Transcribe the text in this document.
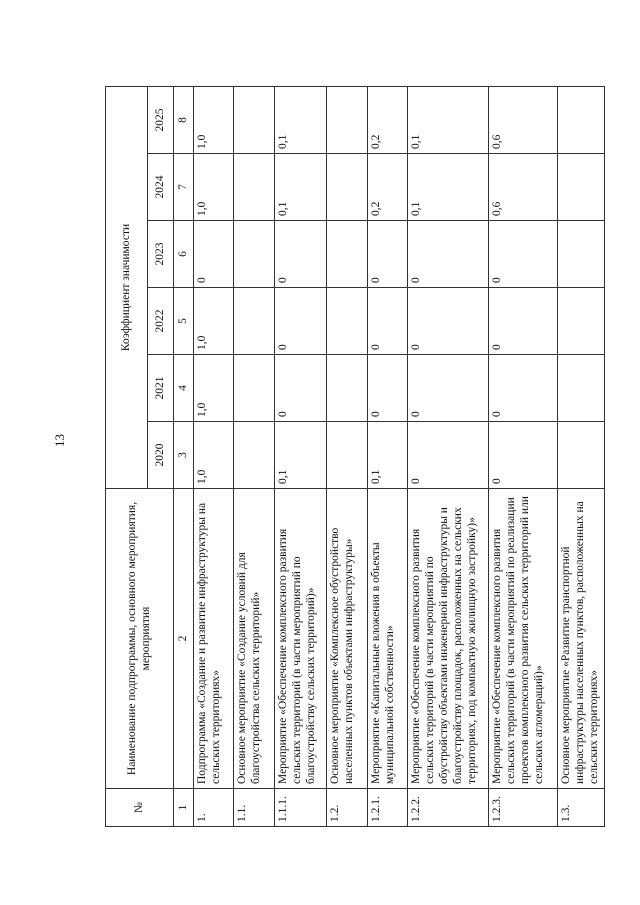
13
№	Наименование подпрограммы, основного мероприятия, мероприятия	Коэффициент значимости					
		2020	2021	2022	2023	2024	2025
1	2	3	4	5	6	7	8
1.	Подпрограмма «Создание и развитие инфраструктуры на сельских территориях»	1,0	1,0	1,0	0	1,0	1,0
1.1.	Основное мероприятие «Создание условий для благоустройства сельских территорий»						
1.1.1.	Мероприятие «Обеспечение комплексного развития сельских территорий (в части мероприятий по благоустройству сельских территорий)»	0,1	0	0	0	0,1	0,1
1.2.	Основное мероприятие «Комплексное обустройство населенных пунктов объектами инфраструктуры»						
1.2.1.	Мероприятие «Капитальные вложения в объекты муниципальной собственности»	0,1	0	0	0	0,2	0,2
1.2.2.	Мероприятие «Обеспечение комплексного развития сельских территорий (в части мероприятий по обустройству объектами инженерной инфраструктуры и благоустройству площадок, расположенных на сельских территориях, под компактную жилищную застройку)»	0	0	0	0	0,1	0,1
1.2.3.	Мероприятие «Обеспечение комплексного развития сельских территорий (в части мероприятий по реализации проектов комплексного развития сельских территорий или сельских агломераций)»	0	0	0	0	0,6	0,6
1.3.	Основное мероприятие «Развитие транспортной инфраструктуры населенных пунктов, расположенных на сельских территориях»						
